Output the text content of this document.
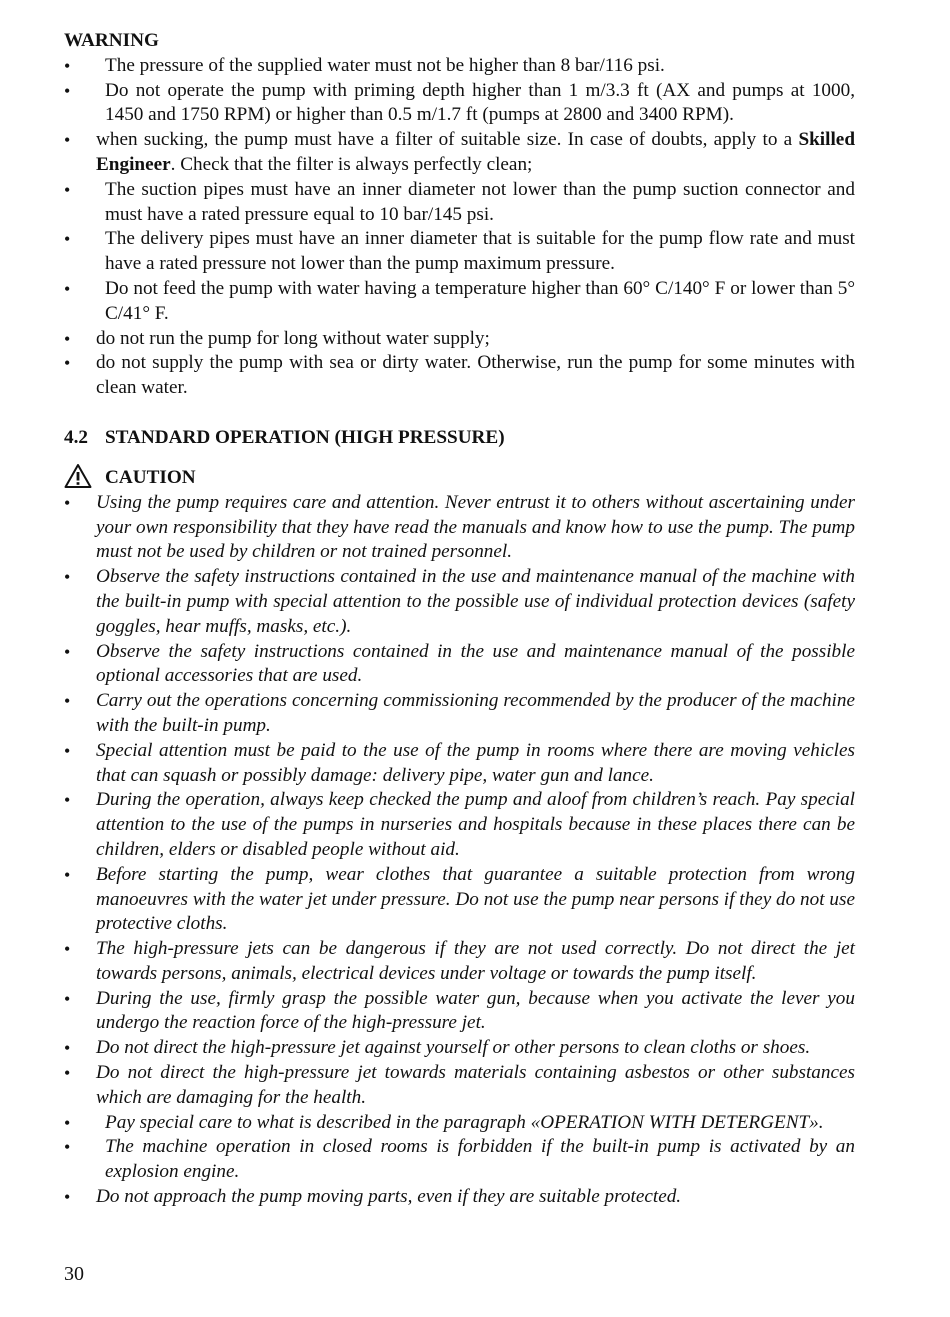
WARNING
• The pressure of the supplied water must not be higher than 8 bar/116 psi.
• Do not operate the pump with priming depth higher than 1 m/3.3 ft (AX and pumps at 1000, 1450 and 1750 RPM) or higher than 0.5 m/1.7 ft (pumps at 2800 and 3400 RPM).
• when sucking, the pump must have a filter of suitable size. In case of doubts, apply to a Skilled Engineer. Check that the filter is always perfectly clean;
• The suction pipes must have an inner diameter not lower than the pump suction connector and must have a rated pressure equal to 10 bar/145 psi.
• The delivery pipes must have an inner diameter that is suitable for the pump flow rate and must have a rated pressure not lower than the pump maximum pressure.
• Do not feed the pump with water having a temperature higher than 60° C/140° F or lower than 5° C/41° F.
• do not run the pump for long without water supply;
• do not supply the pump with sea or dirty water. Otherwise, run the pump for some minutes with clean water.
4.2 STANDARD OPERATION (HIGH PRESSURE)
CAUTION
• Using the pump requires care and attention. Never entrust it to others without ascertaining under your own responsibility that they have read the manuals and know how to use the pump. The pump must not be used by children or not trained personnel.
• Observe the safety instructions contained in the use and maintenance manual of the machine with the built-in pump with special attention to the possible use of individual protection devices (safety goggles, hear muffs, masks, etc.).
• Observe the safety instructions contained in the use and maintenance manual of the possible optional accessories that are used.
• Carry out the operations concerning commissioning recommended by the producer of the machine with the built-in pump.
• Special attention must be paid to the use of the pump in rooms where there are moving vehicles that can squash or possibly damage: delivery pipe, water gun and lance.
• During the operation, always keep checked the pump and aloof from children’s reach. Pay special attention to the use of the pumps in nurseries and hospitals because in these places there can be children, elders or disabled people without aid.
• Before starting the pump, wear clothes that guarantee a suitable protection from wrong manoeuvres with the water jet under pressure. Do not use the pump near persons if they do not use protective cloths.
• The high-pressure jets can be dangerous if they are not used correctly. Do not direct the jet towards persons, animals, electrical devices under voltage or towards the pump itself.
• During the use, firmly grasp the possible water gun, because when you activate the lever you undergo the reaction force of the high-pressure jet.
• Do not direct the high-pressure jet against yourself or other persons to clean cloths or shoes.
• Do not direct the high-pressure jet towards materials containing asbestos or other substances which are damaging for the health.
• Pay special care to what is described in the paragraph «OPERATION WITH DETERGENT».
• The machine operation in closed rooms is forbidden if the built-in pump is activated by an explosion engine.
• Do not approach the pump moving parts, even if they are suitable protected.
30
